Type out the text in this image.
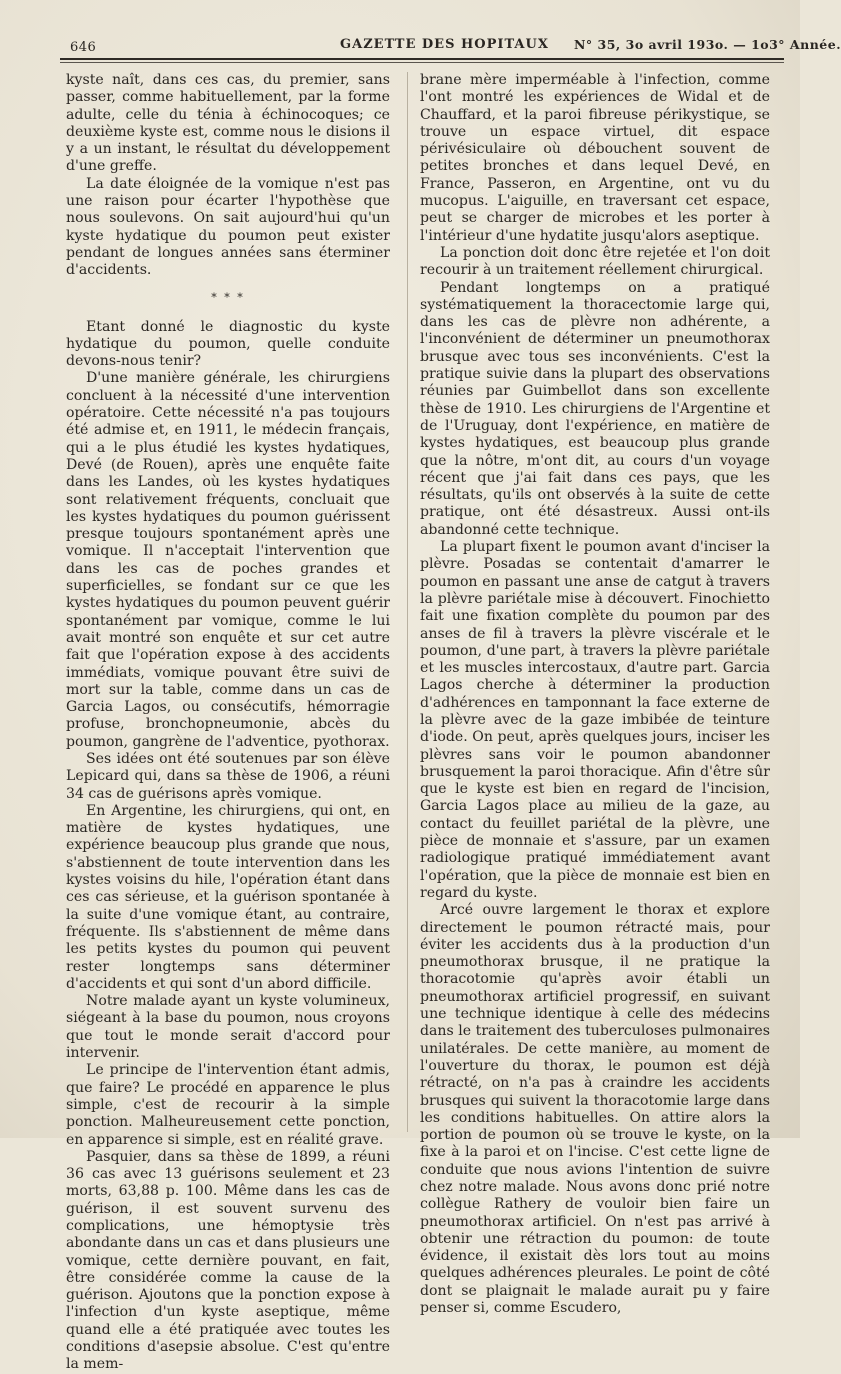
646	GAZETTE DES HOPITAUX N° 35, 3o avril 193o. — 1o3° Année.

kyste naît, dans ces cas, du premier, sans passer, comme habituellement, par la forme adulte, celle du ténia à échinocoques; ce deuxième kyste est, comme nous le disions il y a un instant, le résultat du développement d'une greffe.

La date éloignée de la vomique n'est pas une raison pour écarter l'hypothèse que nous soulevons. On sait aujourd'hui qu'un kyste hydatique du poumon peut exister pendant de longues années sans éterminer d'accidents.

* * *

Etant donné le diagnostic du kyste hydatique du poumon, quelle conduite devons-nous tenir?

D'une manière générale, les chirurgiens concluent à la nécessité d'une intervention opératoire. Cette nécessité n'a pas toujours été admise et, en 1911, le médecin français, qui a le plus étudié les kystes hydatiques, Devé (de Rouen), après une enquête faite dans les Landes, où les kystes hydatiques sont relativement fréquents, concluait que les kystes hydatiques du poumon guérissent presque toujours spontanément après une vomique. Il n'acceptait l'intervention que dans les cas de poches grandes et superficielles, se fondant sur ce que les kystes hydatiques du poumon peuvent guérir spontanément par vomique, comme le lui avait montré son enquête et sur cet autre fait que l'opération expose à des accidents immédiats, vomique pouvant être suivi de mort sur la table, comme dans un cas de Garcia Lagos, ou consécutifs, hémorragie profuse, bronchopneumonie, abcès du poumon, gangrène de l'adventice, pyothorax.

Ses idées ont été soutenues par son élève Lepicard qui, dans sa thèse de 1906, a réuni 34 cas de guérisons après vomique.

En Argentine, les chirurgiens, qui ont, en matière de kystes hydatiques, une expérience beaucoup plus grande que nous, s'abstiennent de toute intervention dans les kystes voisins du hile, l'opération étant dans ces cas sérieuse, et la guérison spontanée à la suite d'une vomique étant, au contraire, fréquente. Ils s'abstiennent de même dans les petits kystes du poumon qui peuvent rester longtemps sans déterminer d'accidents et qui sont d'un abord difficile.

Notre malade ayant un kyste volumineux, siégeant à la base du poumon, nous croyons que tout le monde serait d'accord pour intervenir.

Le principe de l'intervention étant admis, que faire? Le procédé en apparence le plus simple, c'est de recourir à la simple ponction. Malheureusement cette ponction, en apparence si simple, est en réalité grave.

Pasquier, dans sa thèse de 1899, a réuni 36 cas avec 13 guérisons seulement et 23 morts, 63,88 p. 100. Même dans les cas de guérison, il est souvent survenu des complications, une hémoptysie très abondante dans un cas et dans plusieurs une vomique, cette dernière pouvant, en fait, être considérée comme la cause de la guérison. Ajoutons que la ponction expose à l'infection d'un kyste aseptique, même quand elle a été pratiquée avec toutes les conditions d'asepsie absolue. C'est qu'entre la mem-

brane mère imperméable à l'infection, comme l'ont montré les expériences de Widal et de Chauffard, et la paroi fibreuse périkystique, se trouve un espace virtuel, dit espace périvésiculaire où débouchent souvent de petites bronches et dans lequel Devé, en France, Passeron, en Argentine, ont vu du mucopus. L'aiguille, en traversant cet espace, peut se charger de microbes et les porter à l'intérieur d'une hydatite jusqu'alors aseptique.

La ponction doit donc être rejetée et l'on doit recourir à un traitement réellement chirurgical.

Pendant longtemps on a pratiqué systématiquement la thoracectomie large qui, dans les cas de plèvre non adhérente, a l'inconvénient de déterminer un pneumothorax brusque avec tous ses inconvénients. C'est la pratique suivie dans la plupart des observations réunies par Guimbellot dans son excellente thèse de 1910. Les chirurgiens de l'Argentine et de l'Uruguay, dont l'expérience, en matière de kystes hydatiques, est beaucoup plus grande que la nôtre, m'ont dit, au cours d'un voyage récent que j'ai fait dans ces pays, que les résultats, qu'ils ont observés à la suite de cette pratique, ont été désastreux. Aussi ont-ils abandonné cette technique.

La plupart fixent le poumon avant d'inciser la plèvre. Posadas se contentait d'amarrer le poumon en passant une anse de catgut à travers la plèvre pariétale mise à découvert. Finochietto fait une fixation complète du poumon par des anses de fil à travers la plèvre viscérale et le poumon, d'une part, à travers la plèvre pariétale et les muscles intercostaux, d'autre part. Garcia Lagos cherche à déterminer la production d'adhérences en tamponnant la face externe de la plèvre avec de la gaze imbibée de teinture d'iode. On peut, après quelques jours, inciser les plèvres sans voir le poumon abandonner brusquement la paroi thoracique. Afin d'être sûr que le kyste est bien en regard de l'incision, Garcia Lagos place au milieu de la gaze, au contact du feuillet pariétal de la plèvre, une pièce de monnaie et s'assure, par un examen radiologique pratiqué immédiatement avant l'opération, que la pièce de monnaie est bien en regard du kyste.

Arcé ouvre largement le thorax et explore directement le poumon rétracté mais, pour éviter les accidents dus à la production d'un pneumothorax brusque, il ne pratique la thoracotomie qu'après avoir établi un pneumothorax artificiel progressif, en suivant une technique identique à celle des médecins dans le traitement des tuberculoses pulmonaires unilatérales. De cette manière, au moment de l'ouverture du thorax, le poumon est déjà rétracté, on n'a pas à craindre les accidents brusques qui suivent la thoracotomie large dans les conditions habituelles. On attire alors la portion de poumon où se trouve le kyste, on la fixe à la paroi et on l'incise. C'est cette ligne de conduite que nous avions l'intention de suivre chez notre malade. Nous avons donc prié notre collègue Rathery de vouloir bien faire un pneumothorax artificiel. On n'est pas arrivé à obtenir une rétraction du poumon: de toute évidence, il existait dès lors tout au moins quelques adhérences pleurales. Le point de côté dont se plaignait le malade aurait pu y faire penser si, comme Escudero,
